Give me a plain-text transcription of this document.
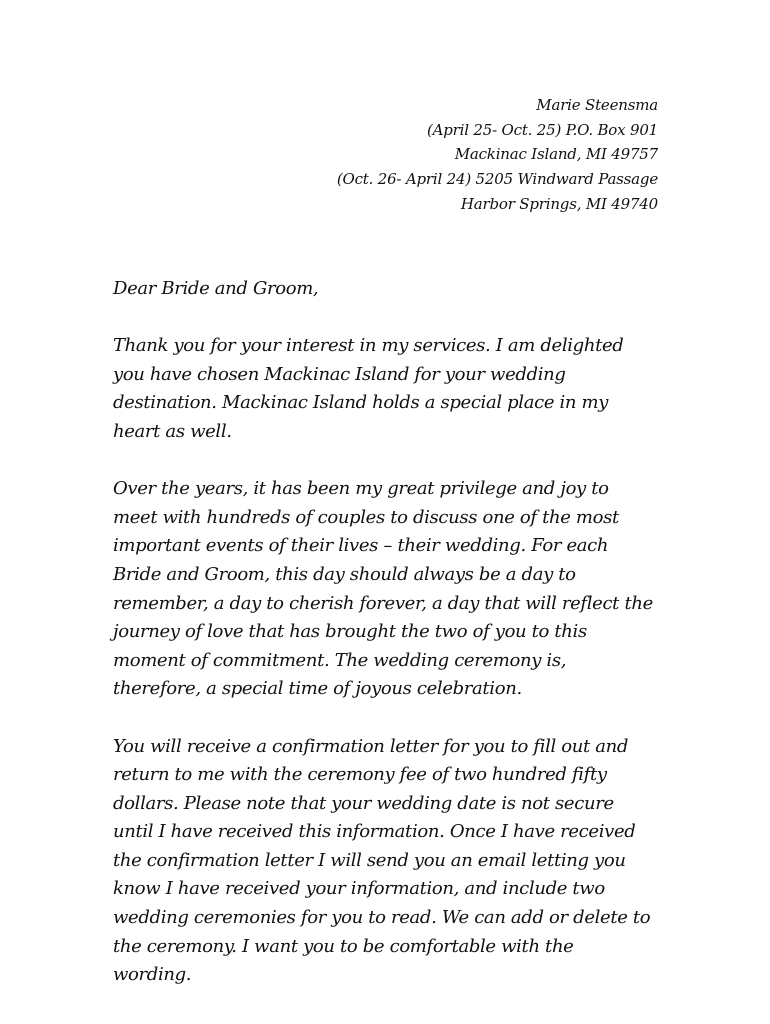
Marie Steensma
(April 25- Oct. 25) P.O. Box 901
Mackinac Island, MI 49757
(Oct. 26- April 24) 5205 Windward Passage
Harbor Springs, MI 49740

Dear Bride and Groom,

Thank you for your interest in my services. I am delighted you have chosen Mackinac Island for your wedding destination. Mackinac Island holds a special place in my heart as well.

Over the years, it has been my great privilege and joy to meet with hundreds of couples to discuss one of the most important events of their lives – their wedding. For each Bride and Groom, this day should always be a day to remember, a day to cherish forever, a day that will reflect the journey of love that has brought the two of you to this moment of commitment. The wedding ceremony is, therefore, a special time of joyous celebration.

You will receive a confirmation letter for you to fill out and return to me with the ceremony fee of two hundred fifty dollars. Please note that your wedding date is not secure until I have received this information. Once I have received the confirmation letter I will send you an email letting you know I have received your information, and include two wedding ceremonies for you to read. We can add or delete to the ceremony. I want you to be comfortable with the wording.
